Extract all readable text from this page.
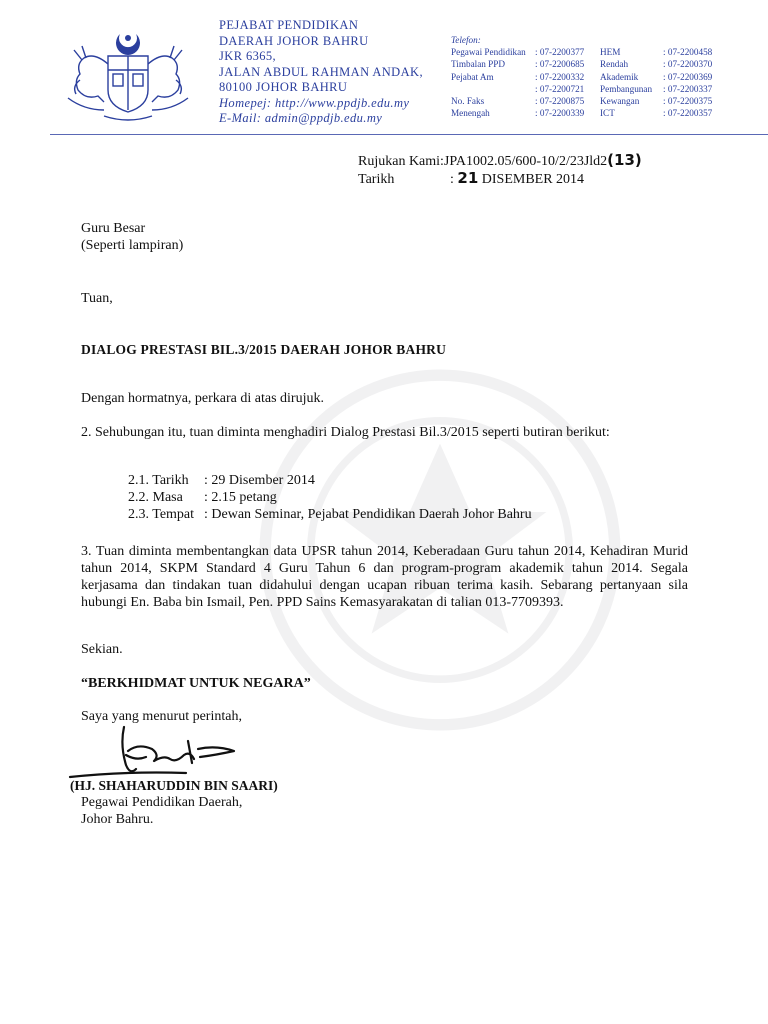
PEJABAT PENDIDIKAN
DAERAH JOHOR BAHRU
JKR 6365,
JALAN ABDUL RAHMAN ANDAK,
80100 JOHOR BAHRU
Homepej: http://www.ppdjb.edu.my
E-Mail: admin@ppdjb.edu.my
Telefon:
Pegawai Pendidikan	: 07-2200377	HEM	: 07-2200458
Timbalan PPD	: 07-2200685	Rendah	: 07-2200370
Pejabat Am	: 07-2200332	Akademik	: 07-2200369
	: 07-2200721	Pembangunan	: 07-2200337
No. Faks	: 07-2200875	Kewangan	: 07-2200375
Menengah	: 07-2200339	ICT	: 07-2200357
Rujukan Kami:JPA1002.05/600-10/2/23Jld2(13)
Tarikh	: 21 DISEMBER 2014
Guru Besar
(Seperti lampiran)
Tuan,
DIALOG PRESTASI BIL.3/2015 DAERAH JOHOR BAHRU
Dengan hormatnya, perkara di atas dirujuk.
2. Sehubungan itu, tuan diminta menghadiri Dialog Prestasi Bil.3/2015 seperti butiran berikut:
2.1. Tarikh : 29 Disember 2014
2.2. Masa : 2.15 petang
2.3. Tempat : Dewan Seminar, Pejabat Pendidikan Daerah Johor Bahru
3. Tuan diminta membentangkan data UPSR tahun 2014, Keberadaan Guru tahun 2014, Kehadiran Murid tahun 2014, SKPM Standard 4 Guru Tahun 6 dan program-program akademik tahun 2014. Segala kerjasama dan tindakan tuan didahului dengan ucapan ribuan terima kasih. Sebarang pertanyaan sila hubungi En. Baba bin Ismail, Pen. PPD Sains Kemasyarakatan di talian 013-7709393.
Sekian.
“BERKHIDMAT UNTUK NEGARA”
Saya yang menurut perintah,
(HJ. SHAHARUDDIN BIN SAARI)
Pegawai Pendidikan Daerah,
Johor Bahru.
